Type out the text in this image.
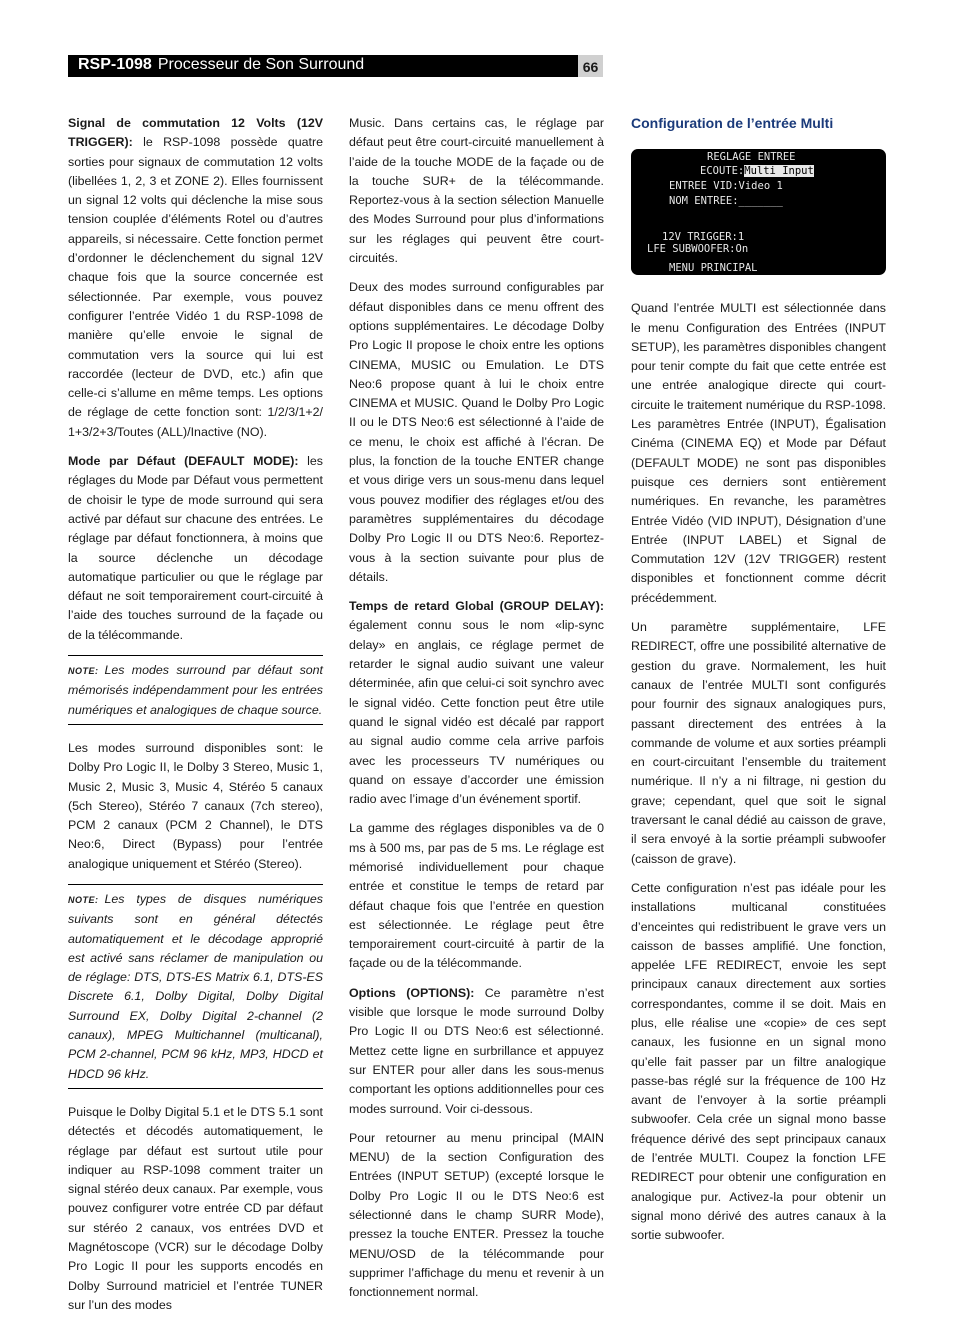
RSP-1098 Processeur de Son Surround	66

Signal de commutation 12 Volts (12V TRIGGER): le RSP-1098 possède quatre sorties pour signaux de commutation 12 volts (libellées 1, 2, 3 et ZONE 2). Elles fournissent un signal 12 volts qui déclenche la mise sous tension couplée d’éléments Rotel ou d’autres appareils, si nécessaire. Cette fonction permet d’ordonner le déclenchement du signal 12V chaque fois que la source concernée est sélectionnée. Par exemple, vous pouvez configurer l’entrée Vidéo 1 du RSP-1098 de manière qu’elle envoie le signal de commutation vers la source qui lui est raccordée (lecteur de DVD, etc.) afin que celle-ci s’allume en même temps. Les options de réglage de cette fonction sont: 1/2/3/1+2/ 1+3/2+3/Toutes (ALL)/Inactive (NO).

Mode par Défaut (DEFAULT MODE): les réglages du Mode par Défaut vous permettent de choisir le type de mode surround qui sera activé par défaut sur chacune des entrées. Le réglage par défaut fonctionnera, à moins que la source déclenche un décodage automatique particulier ou que le réglage par défaut ne soit temporairement court-circuité à l’aide des touches surround de la façade ou de la télécommande.

NOTE: Les modes surround par défaut sont mémorisés indépendamment pour les entrées numériques et analogiques de chaque source.

Les modes surround disponibles sont: le Dolby Pro Logic II, le Dolby 3 Stereo, Music 1, Music 2, Music 3, Music 4, Stéréo 5 canaux (5ch Stereo), Stéréo 7 canaux (7ch stereo), PCM 2 canaux (PCM 2 Channel), le DTS Neo:6, Direct (Bypass) pour l’entrée analogique uniquement et Stéréo (Stereo).

NOTE: Les types de disques numériques suivants sont en général détectés automatiquement et le décodage approprié est activé sans réclamer de manipulation ou de réglage: DTS, DTS-ES Matrix 6.1, DTS-ES Discrete 6.1, Dolby Digital, Dolby Digital Surround EX, Dolby Digital 2-channel (2 canaux), MPEG Multichannel (multicanal), PCM 2-channel, PCM 96 kHz, MP3, HDCD et HDCD 96 kHz.

Puisque le Dolby Digital 5.1 et le DTS 5.1 sont détectés et décodés automatiquement, le réglage par défaut est surtout utile pour indiquer au RSP-1098 comment traiter un signal stéréo deux canaux. Par exemple, vous pouvez configurer votre entrée CD par défaut sur stéréo 2 canaux, vos entrées DVD et Magnétoscope (VCR) sur le décodage Dolby Pro Logic II pour les supports encodés en Dolby Surround matriciel et l’entrée TUNER sur l’un des modes

Music. Dans certains cas, le réglage par défaut peut être court-circuité manuellement à l’aide de la touche MODE de la façade ou de la touche SUR+ de la télécommande. Reportez-vous à la section sélection Manuelle des Modes Surround pour plus d’informations sur les réglages qui peuvent être court-circuités.

Deux des modes surround configurables par défaut disponibles dans ce menu offrent des options supplémentaires. Le décodage Dolby Pro Logic II propose le choix entre les options CINEMA, MUSIC ou Emulation. Le DTS Neo:6 propose quant à lui le choix entre CINEMA et MUSIC. Quand le Dolby Pro Logic II ou le DTS Neo:6 est sélectionné à l’aide de ce menu, le choix est affiché à l’écran. De plus, la fonction de la touche ENTER change et vous dirige vers un sous-menu dans lequel vous pouvez modifier des réglages et/ou des paramètres supplémentaires du décodage Dolby Pro Logic II ou DTS Neo:6. Reportez-vous à la section suivante pour plus de détails.

Temps de retard Global (GROUP DELAY): également connu sous le nom «lip-sync delay» en anglais, ce réglage permet de retarder le signal audio suivant une valeur déterminée, afin que celui-ci soit synchro avec le signal vidéo. Cette fonction peut être utile quand le signal vidéo est décalé par rapport au signal audio comme cela arrive parfois avec les processeurs TV numériques ou quand on essaye d’accorder une émission radio avec l’image d’un événement sportif.

La gamme des réglages disponibles va de 0 ms à 500 ms, par pas de 5 ms. Le réglage est mémorisé individuellement pour chaque entrée et constitue le temps de retard par défaut chaque fois que l’entrée en question est sélectionnée. Le réglage peut être temporairement court-circuité à partir de la façade ou de la télécommande.

Options (OPTIONS): Ce paramètre n’est visible que lorsque le mode surround Dolby Pro Logic II ou DTS Neo:6 est sélectionné. Mettez cette ligne en surbrillance et appuyez sur ENTER pour aller dans les sous-menus comportant les options additionnelles pour ces modes surround. Voir ci-dessous.

Pour retourner au menu principal (MAIN MENU) de la section Configuration des Entrées (INPUT SETUP) (excepté lorsque le Dolby Pro Logic II ou le DTS Neo:6 est sélectionné dans le champ SURR Mode), pressez la touche ENTER. Pressez la touche MENU/OSD de la télécommande pour supprimer l’affichage du menu et revenir à un fonctionnement normal.

Configuration de l’entrée Multi
REGLAGE ENTREE
ECOUTE:Multi Input
ENTREE VID:Video 1
NOM ENTREE:_______
12V TRIGGER:1
LFE SUBWOOFER:On
MENU PRINCIPAL

Quand l’entrée MULTI est sélectionnée dans le menu Configuration des Entrées (INPUT SETUP), les paramètres disponibles changent pour tenir compte du fait que cette entrée est une entrée analogique directe qui court-circuite le traitement numérique du RSP-1098. Les paramètres Entrée (INPUT), Égalisation Cinéma (CINEMA EQ) et Mode par Défaut (DEFAULT MODE) ne sont pas disponibles puisque ces derniers sont entièrement numériques. En revanche, les paramètres Entrée Vidéo (VID INPUT), Désignation d’une Entrée (INPUT LABEL) et Signal de Commutation 12V (12V TRIGGER) restent disponibles et fonctionnent comme décrit précédemment.

Un paramètre supplémentaire, LFE REDIRECT, offre une possibilité alternative de gestion du grave. Normalement, les huit canaux de l’entrée MULTI sont configurés pour fournir des signaux analogiques purs, passant directement des entrées à la commande de volume et aux sorties préampli en court-circuitant l’ensemble du traitement numérique. Il n’y a ni filtrage, ni gestion du grave; cependant, quel que soit le signal traversant le canal dédié au caisson de grave, il sera envoyé à la sortie préampli subwoofer (caisson de grave).

Cette configuration n’est pas idéale pour les installations multicanal constituées d’enceintes qui redistribuent le grave vers un caisson de basses amplifié. Une fonction, appelée LFE REDIRECT, envoie les sept principaux canaux directement aux sorties correspondantes, comme il se doit. Mais en plus, elle réalise une «copie» de ces sept canaux, les fusionne en un signal mono qu’elle fait passer par un filtre analogique passe-bas réglé sur la fréquence de 100 Hz avant de l’envoyer à la sortie préampli subwoofer. Cela crée un signal mono basse fréquence dérivé des sept principaux canaux de l’entrée MULTI. Coupez la fonction LFE REDIRECT pour obtenir une configuration en analogique pur. Activez-la pour obtenir un signal mono dérivé des autres canaux à la sortie subwoofer.
